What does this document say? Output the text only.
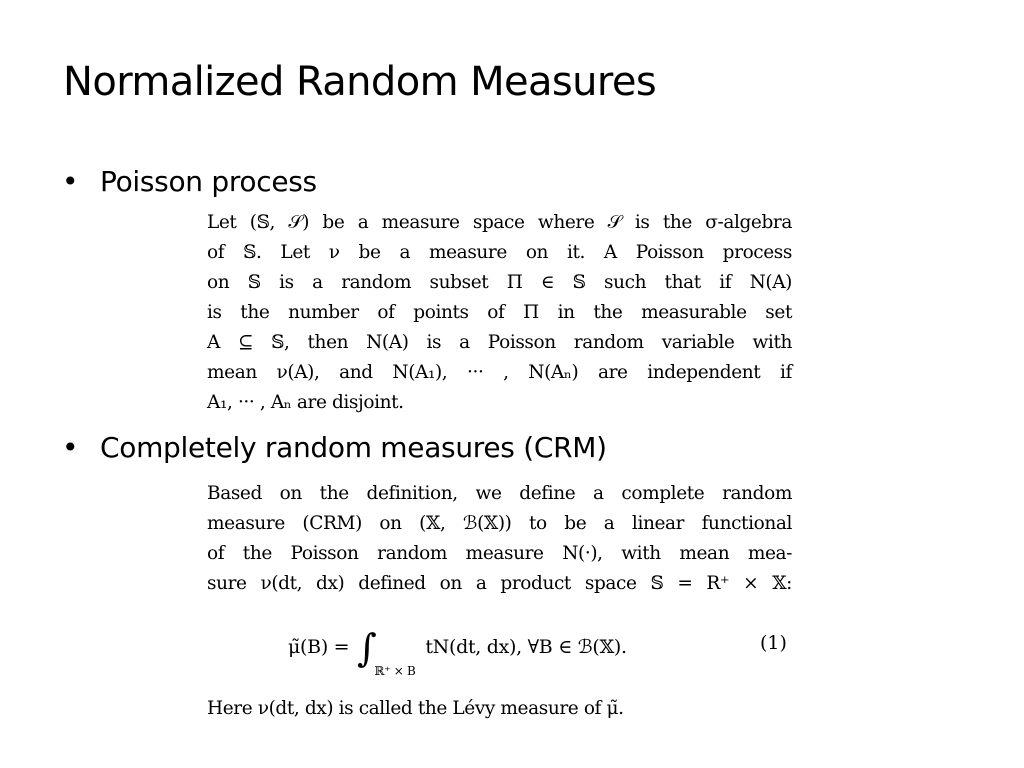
Normalized Random Measures
• Poisson process
Let (𝕊, 𝒮) be a measure space where 𝒮 is the σ-algebra
of 𝕊. Let ν be a measure on it. A Poisson process
on 𝕊 is a random subset Π ∈ 𝕊 such that if N(A)
is the number of points of Π in the measurable set
A ⊆ 𝕊, then N(A) is a Poisson random variable with
mean ν(A), and N(A₁), ··· , N(Aₙ) are independent if
A₁, ··· , Aₙ are disjoint.
• Completely random measures (CRM)
Based on the definition, we define a complete random
measure (CRM) on (𝕏, ℬ(𝕏)) to be a linear functional
of the Poisson random measure N(·), with mean mea-
sure ν(dt, dx) defined on a product space 𝕊 = R⁺ × 𝕏:
μ̃(B) = $\int_{ℝ^+ \times B}$ tN(dt, dx), ∀B ∈ ℬ(𝕏).	(1)
Here ν(dt, dx) is called the Lévy measure of μ̃.
